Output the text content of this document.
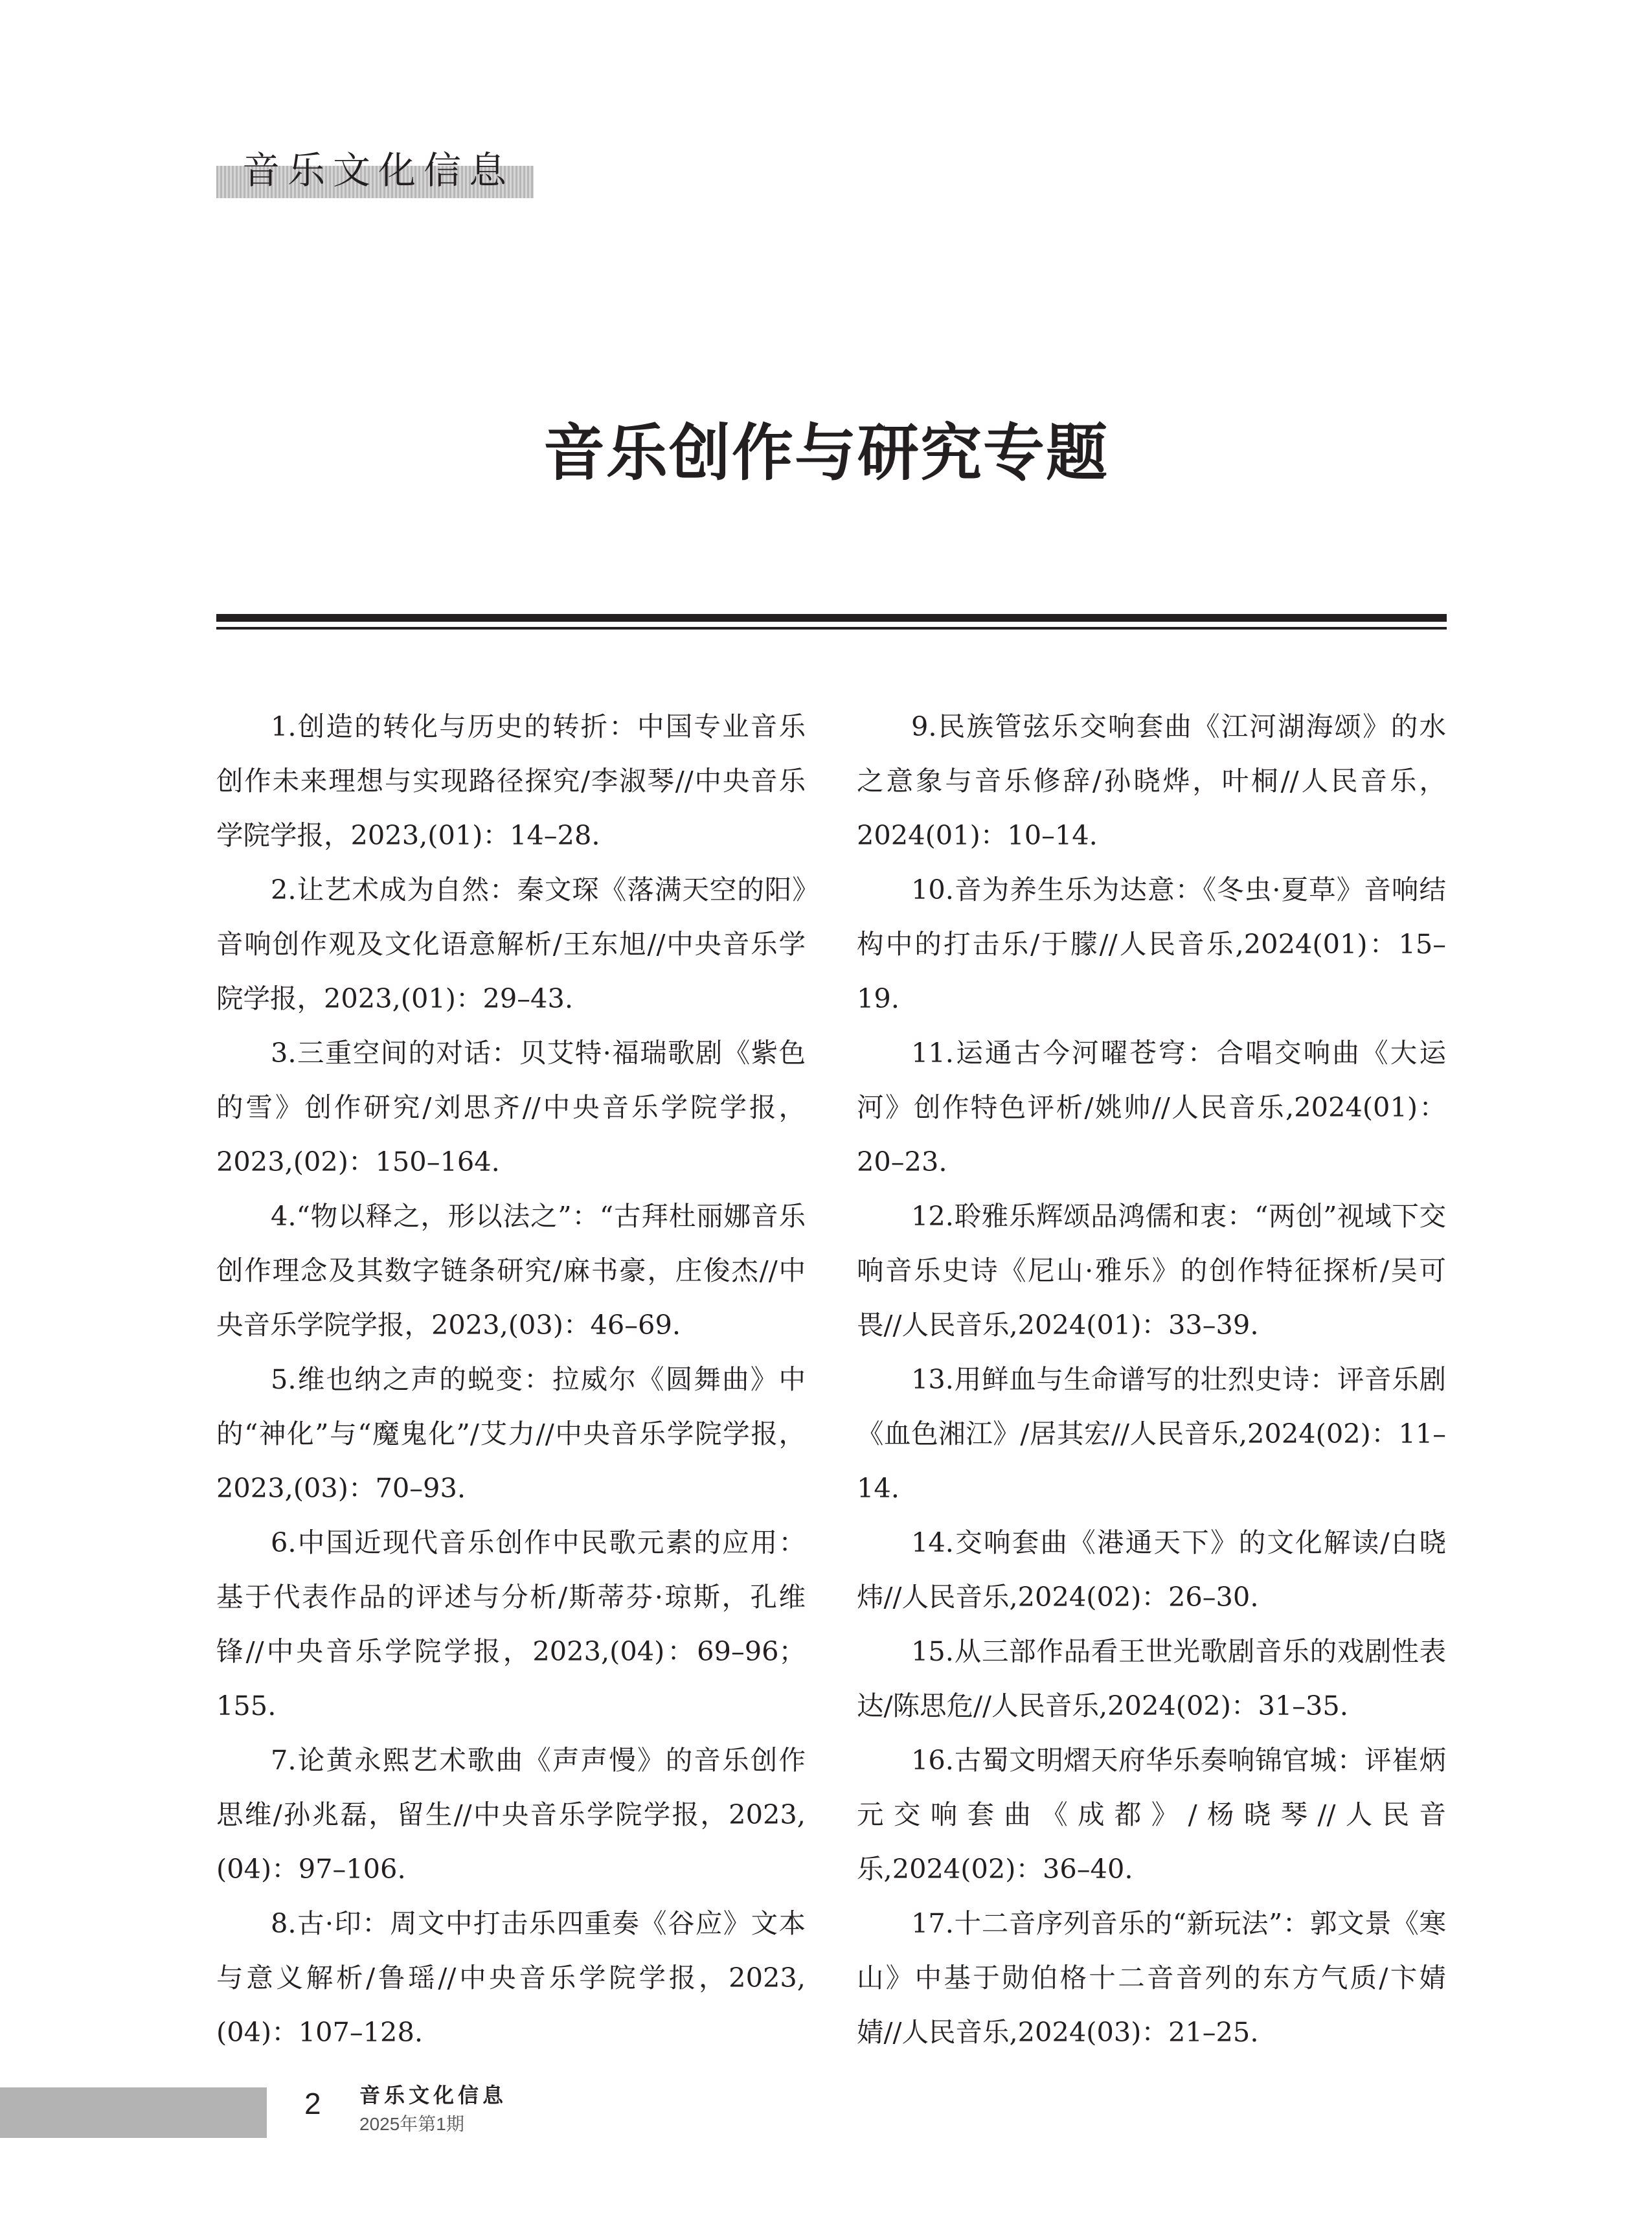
音乐文化信息
音乐创作与研究专题

1.创造的转化与历史的转折：中国专业音乐创作未来理想与实现路径探究/李淑琴//中央音乐学院学报，2023,(01)：14–28.

2.让艺术成为自然：秦文琛《落满天空的阳》音响创作观及文化语意解析/王东旭//中央音乐学院学报，2023,(01)：29–43.

3.三重空间的对话：贝艾特·福瑞歌剧《紫色的雪》创作研究/刘思齐//中央音乐学院学报，2023,(02)：150–164.

4.“物以释之，形以法之”：“古拜杜丽娜音乐创作理念及其数字链条研究/麻书豪，庄俊杰//中央音乐学院学报，2023,(03)：46–69.

5.维也纳之声的蜕变：拉威尔《圆舞曲》中的“神化”与“魔鬼化”/艾力//中央音乐学院学报，2023,(03)：70–93.

6.中国近现代音乐创作中民歌元素的应用：基于代表作品的评述与分析/斯蒂芬·琼斯，孔维锋//中央音乐学院学报，2023,(04)：69–96；155.

7.论黄永熙艺术歌曲《声声慢》的音乐创作思维/孙兆磊，留生//中央音乐学院学报，2023,(04)：97–106.

8.古·印：周文中打击乐四重奏《谷应》文本与意义解析/鲁瑶//中央音乐学院学报，2023,(04)：107–128.

9.民族管弦乐交响套曲《江河湖海颂》的水之意象与音乐修辞/孙晓烨，叶桐//人民音乐，2024(01)：10–14.

10.音为养生乐为达意：《冬虫·夏草》音响结构中的打击乐/于朦//人民音乐,2024(01)：15–19.

11.运通古今河曜苍穹：合唱交响曲《大运河》创作特色评析/姚帅//人民音乐,2024(01)：20–23.

12.聆雅乐辉颂品鸿儒和衷：“两创”视域下交响音乐史诗《尼山·雅乐》的创作特征探析/吴可畏//人民音乐,2024(01)：33–39.

13.用鲜血与生命谱写的壮烈史诗：评音乐剧《血色湘江》/居其宏//人民音乐,2024(02)：11–14.

14.交响套曲《港通天下》的文化解读/白晓炜//人民音乐,2024(02)：26–30.

15.从三部作品看王世光歌剧音乐的戏剧性表达/陈思危//人民音乐,2024(02)：31–35.

16.古蜀文明熠天府华乐奏响锦官城：评崔炳元交响套曲《成都》/杨晓琴//人民音乐,2024(02)：36–40.

17.十二音序列音乐的“新玩法”：郭文景《寒山》中基于勋伯格十二音音列的东方气质/卞婧婧//人民音乐,2024(03)：21–25.

2 音乐文化信息
2025年第1期
